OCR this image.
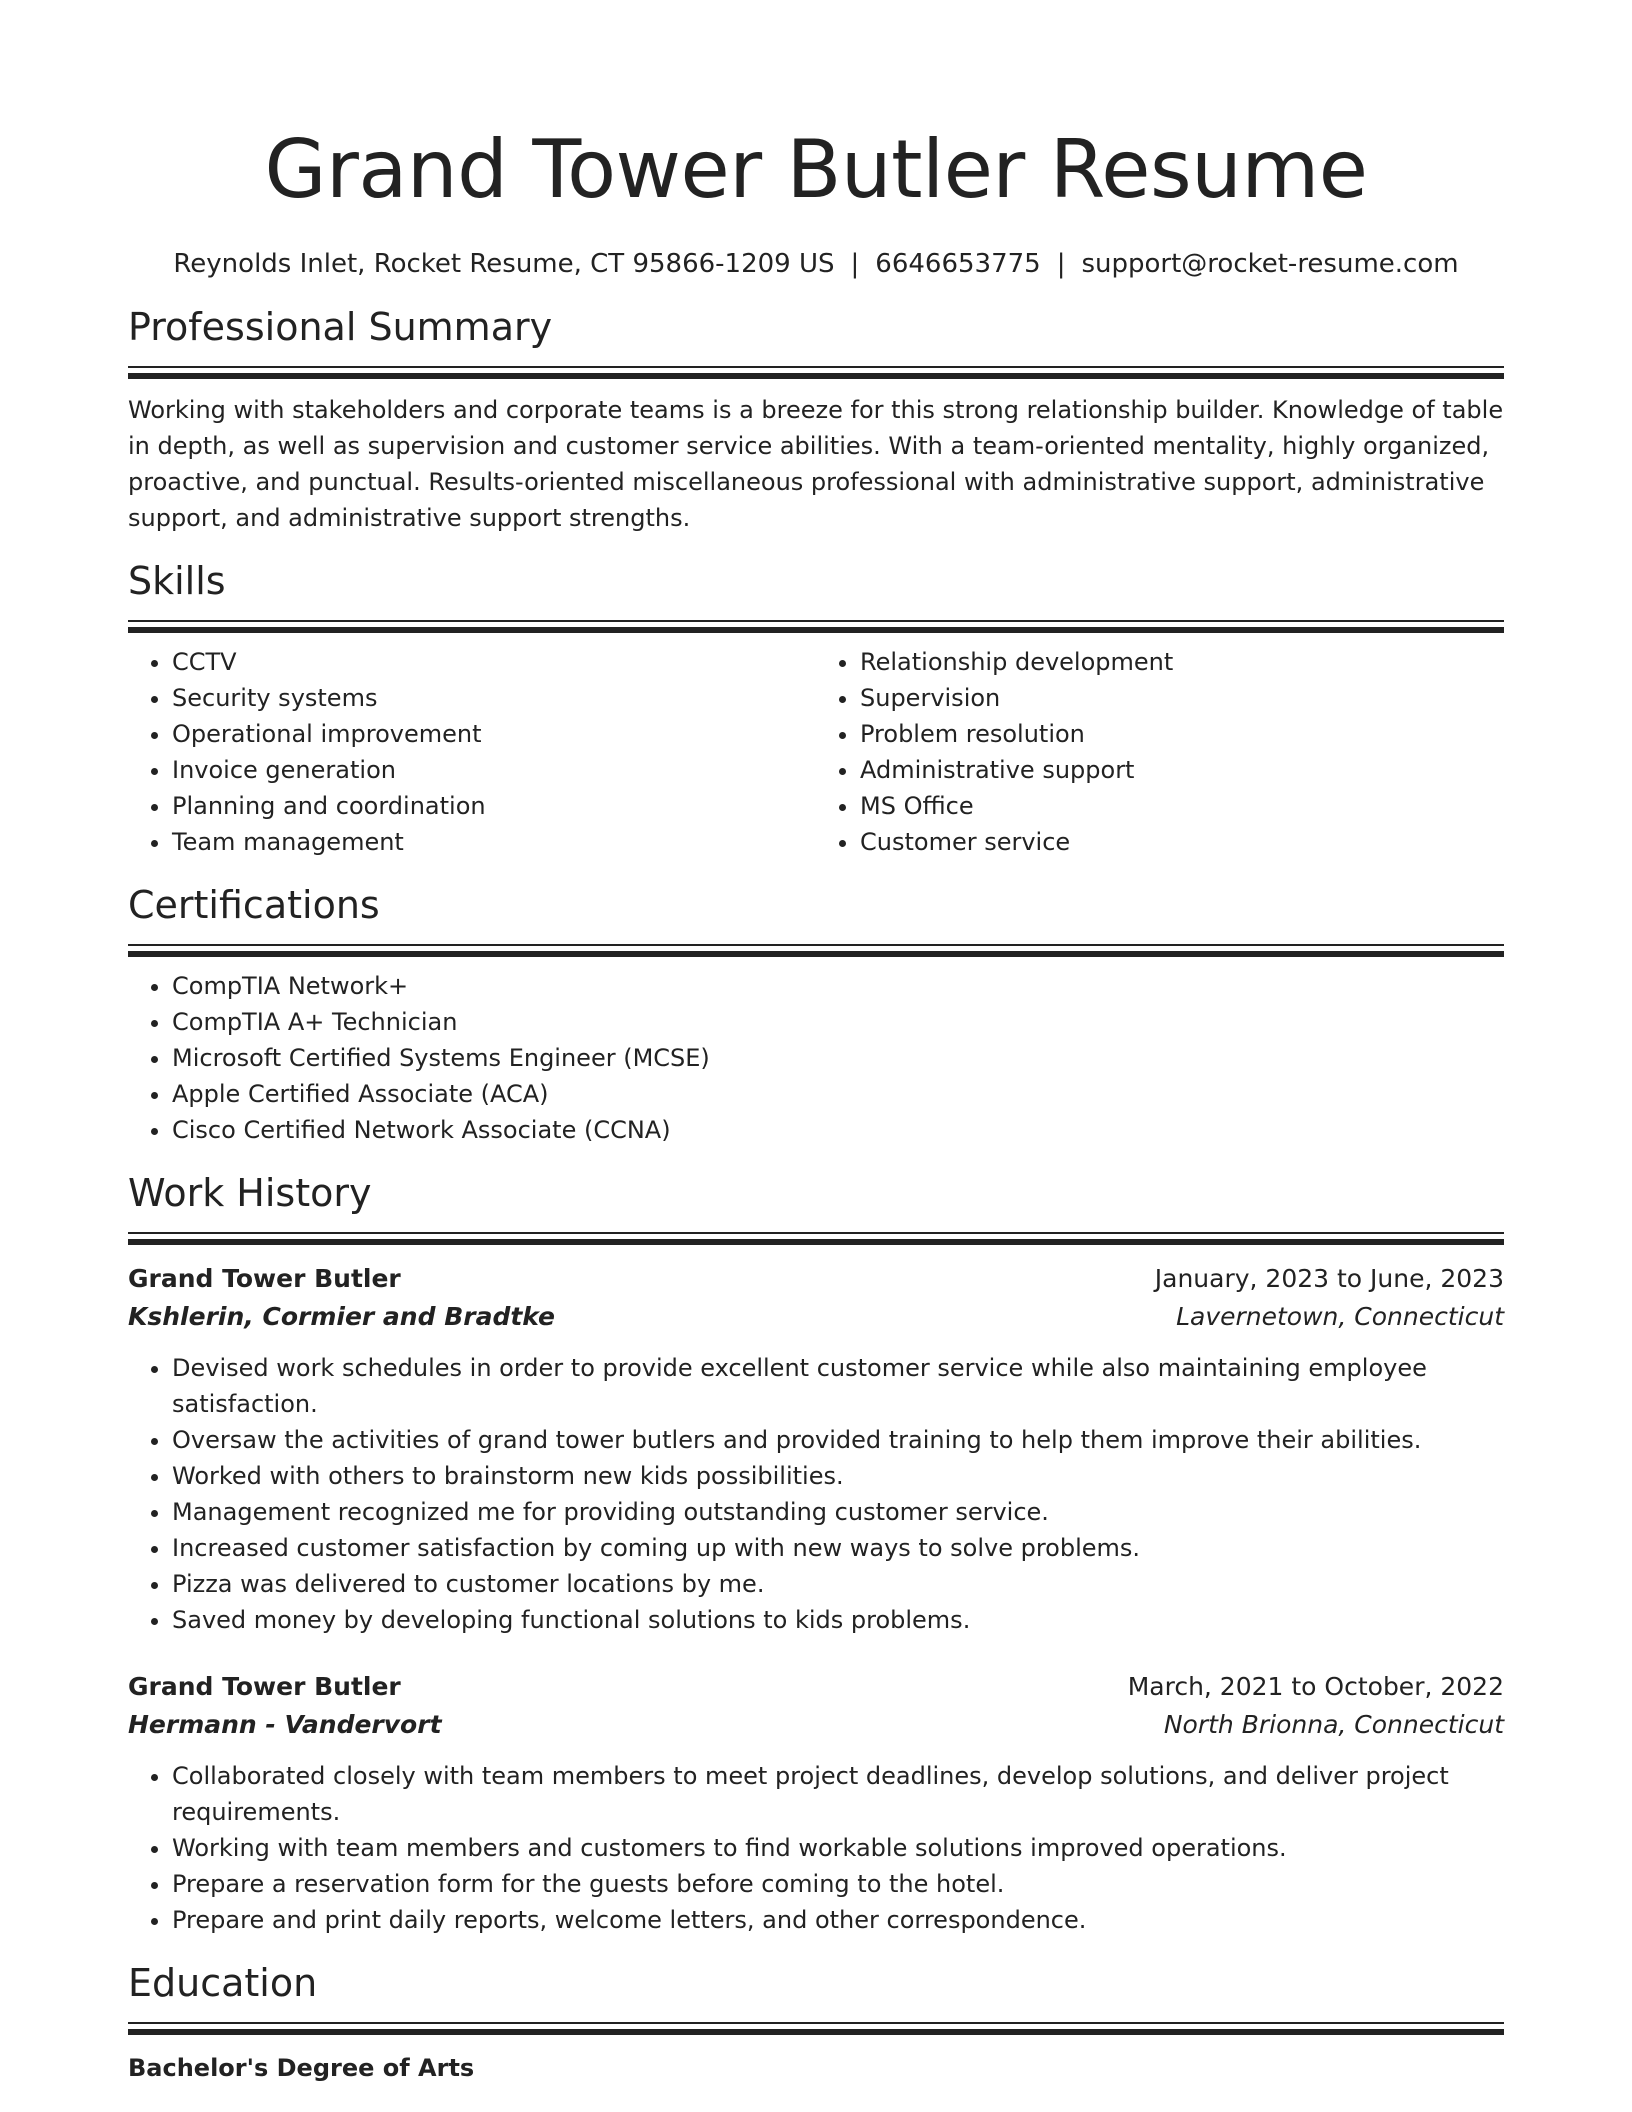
Grand Tower Butler Resume
Reynolds Inlet, Rocket Resume, CT 95866-1209 US | 6646653775 | support@rocket-resume.com
Professional Summary

Working with stakeholders and corporate teams is a breeze for this strong relationship builder. Knowledge of table in depth, as well as supervision and customer service abilities. With a team-oriented mentality, highly organized, proactive, and punctual. Results-oriented miscellaneous professional with administrative support, administrative support, and administrative support strengths.

Skills
• CCTV
• Security systems
• Operational improvement
• Invoice generation
• Planning and coordination
• Team management
• Relationship development
• Supervision
• Problem resolution
• Administrative support
• MS Office
• Customer service
Certifications
• CompTIA Network+
• CompTIA A+ Technician
• Microsoft Certified Systems Engineer (MCSE)
• Apple Certified Associate (ACA)
• Cisco Certified Network Associate (CCNA)
Work History
Grand Tower Butler	January, 2023 to June, 2023
Kshlerin, Cormier and Bradtke	Lavernetown, Connecticut
• Devised work schedules in order to provide excellent customer service while also maintaining employee satisfaction.
• Oversaw the activities of grand tower butlers and provided training to help them improve their abilities.
• Worked with others to brainstorm new kids possibilities.
• Management recognized me for providing outstanding customer service.
• Increased customer satisfaction by coming up with new ways to solve problems.
• Pizza was delivered to customer locations by me.
• Saved money by developing functional solutions to kids problems.
Grand Tower Butler	March, 2021 to October, 2022
Hermann - Vandervort	North Brionna, Connecticut
• Collaborated closely with team members to meet project deadlines, develop solutions, and deliver project requirements.
• Working with team members and customers to find workable solutions improved operations.
• Prepare a reservation form for the guests before coming to the hotel.
• Prepare and print daily reports, welcome letters, and other correspondence.
Education
Bachelor's Degree of Arts
